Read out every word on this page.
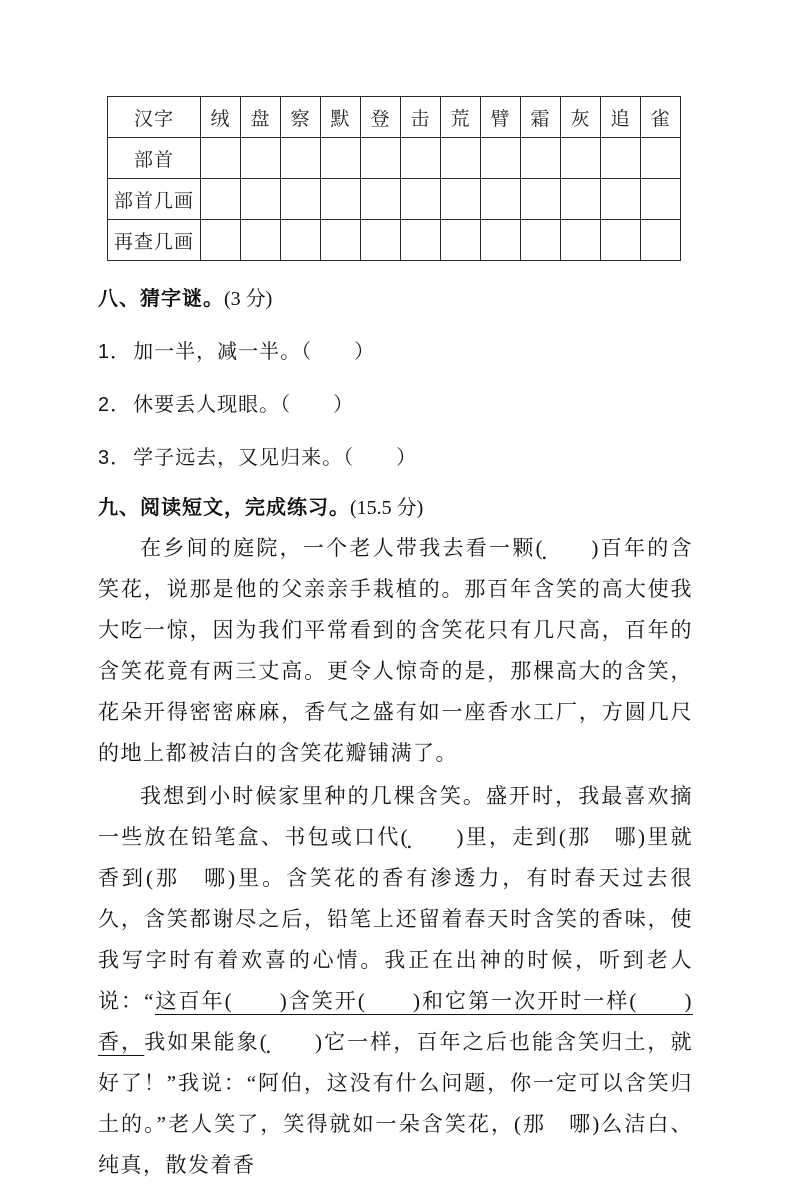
汉字	绒	盘	察	默	登	击	荒	臂	霜	灰	追	雀
部首												
部首几画												
再查几画												
八、猜字谜。(3 分)
1． 加一半，减一半。（　　）
2． 休要丢人现眼。（　　）
3． 学子远去，又见归来。（　　）
九、阅读短文，完成练习。(15.5 分)

在乡间的庭院，一个老人带我去看一颗(　　)百年的含笑花，说那是他的父亲亲手栽植的。那百年含笑的高大使我大吃一惊，因为我们平常看到的含笑花只有几尺高，百年的含笑花竟有两三丈高。更令人惊奇的是，那棵高大的含笑，花朵开得密密麻麻，香气之盛有如一座香水工厂，方圆几尺的地上都被洁白的含笑花瓣铺满了。

我想到小时候家里种的几棵含笑。盛开时，我最喜欢摘一些放在铅笔盒、书包或口代(　　)里，走到(那　哪)里就香到(那　哪)里。含笑花的香有渗透力，有时春天过去很久，含笑都谢尽之后，铅笔上还留着春天时含笑的香味，使我写字时有着欢喜的心情。我正在出神的时候，听到老人说：“这百年(　　)含笑开(　　)和它第一次开时一样(　　)香，我如果能象(　　)它一样，百年之后也能含笑归土，就好了！”我说：“阿伯，这没有什么问题，你一定可以含笑归土的。”老人笑了，笑得就如一朵含笑花，(那　哪)么洁白、纯真，散发着香
